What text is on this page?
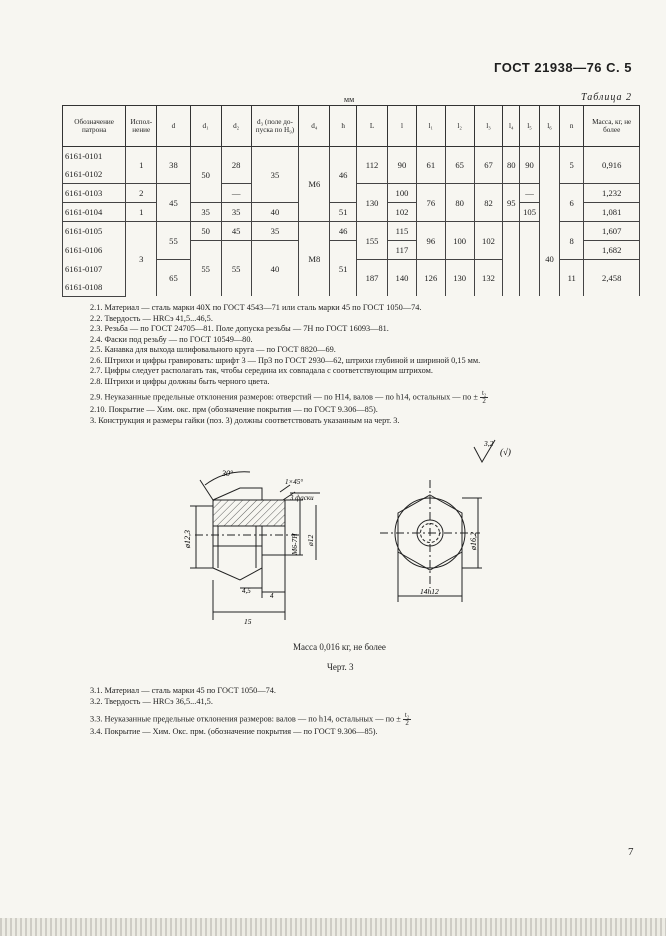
ГОСТ 21938—76 С. 5
мм	Таблица 2
Обозначение патрона	Испол-нение	d	d₁	d₂	d₃ (поле до-пуска по H₉)	d₄	h	L	l	l₁	l₂	l₃	l₄	l₅	l₆	n	Масса, кг, не более
6161-0101	1	38	50	28	35	M6	46	112	90	61	65	67	80	90		5	0,916
6161-0102																	
6161-0103	2	45		—				130	100	76	80	82	95	—		6	1,232
6161-0104	1		35	35	40		51		102					105			1,081
6161-0105	3	55	50	45	35	M8	46	155	115	96	100	102			40	8	1,607
6161-0106			55	55	40		51		117								1,682
6161-0107		65						187	140	126	130	132				11	2,458
6161-0108																	

2.1. Материал — сталь марки 40Х по ГОСТ 4543—71 или сталь марки 45 по ГОСТ 1050—74.

2.2. Твердость — HRCэ 41,5...46,5.

2.3. Резьба — по ГОСТ 24705—81. Поле допуска резьбы — 7Н по ГОСТ 16093—81.

2.4. Фаски под резьбу — по ГОСТ 10549—80.

2.5. Канавка для выхода шлифовального круга — по ГОСТ 8820—69.

2.6. Штрихи и цифры гравировать: шрифт 3 — Пр3 по ГОСТ 2930—62, штрихи глубиной и шириной 0,15 мм.

2.7. Цифры следует располагать так, чтобы середина их совпадала с соответствующим штрихом.

2.8. Штрихи и цифры должны быть черного цвета.

2.9. Неуказанные предельные отклонения размеров: отверстий — по H14, валов — по h14, остальных — по ± $\frac{\text{t₂}}{2}$

2.10. Покрытие — Хим. окс. прм (обозначение покрытия — по ГОСТ 9.306—85).

3. Конструкция и размеры гайки (поз. 3) должны соответствовать указанным на черт. 3.

30°
1×45°
3 фаски
ø12,3	М6-7Н ø12
4,5
4
15
ø16,2
14h12
3,2
(√)
Масса 0,016 кг, не более
Черт. 3

3.1. Материал — сталь марки 45 по ГОСТ 1050—74.

3.2. Твердость — HRCэ 36,5...41,5.

3.3. Неуказанные предельные отклонения размеров: валов — по h14, остальных — по ± $\frac{\text{t₂}}{2}$

3.4. Покрытие — Хим. Окс. прм. (обозначение покрытия — по ГОСТ 9.306—85).

7
